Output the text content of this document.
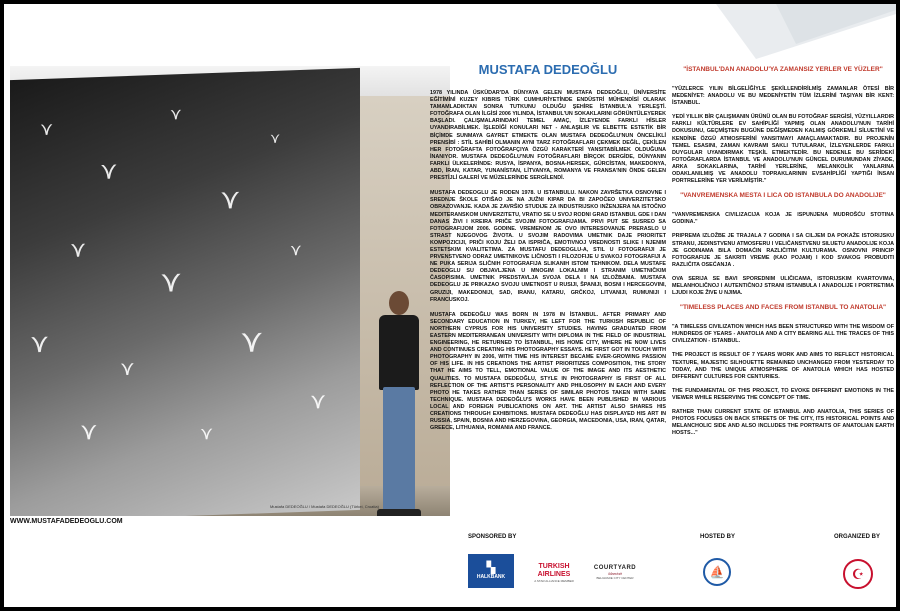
⋎
⋎
⋎
⋎
⋎
⋎
⋎
⋎
⋎
⋎
⋎	⋎
⋎
⋎
Mustafa DEDEOĞLU / Mustafa DEDEOĞLU (Türkei, Croatia)
WWW.MUSTAFADEDEOGLU.COM
MUSTAFA DEDEOĞLU

1978 YILINDA ÜSKÜDAR'DA DÜNYAYA GELEN MUSTAFA DEDEOĞLU, ÜNİVERSİTE EĞİTİMİNİ KUZEY KIBRIS TÜRK CUMHURİYETİNDE ENDÜSTRİ MÜHENDİSİ OLARAK TAMAMLADIKTAN SONRA TUTKUNU OLDUĞU ŞEHİRE İSTANBUL'A YERLEŞTİ. FOTOĞRAFA OLAN İLGİSİ 2006 YILINDA, İSTANBUL'UN SOKAKLARINI GÖRÜNTÜLEYEREK BAŞLADI. ÇALIŞMALARINDAKİ TEMEL AMAÇ, İZLEYENDE FARKLI HİSLER UYANDIRABİLMEK. İŞLEDİĞİ KONULARI NET - ANLAŞILIR VE ELBETTE ESTETİK BİR BİÇİMDE SUNMAYA GAYRET ETMEKTE OLAN MUSTAFA DEDEOĞLU'NUN ÖNCELİKLİ PRENSİBİ : STİL SAHİBİ OLMANIN AYNI TARZ FOTOĞRAFLARI ÇEKMEK DEĞİL, ÇEKİLEN HER FOTOĞRAFTA FOTOĞRAFÇIYA ÖZGÜ KARAKTERİ YANSITABİLMEK OLDUĞUNA İNANIYOR. MUSTAFA DEDEOĞLU'NUN FOTOĞRAFLARI BİRÇOK DERGİDE, DÜNYANIN FARKLI ÜLKELERİNDE: RUSYA, İSPANYA, BOSNA-HERSEK, GÜRCİSTAN, MAKEDONYA, ABD, İRAN, KATAR, YUNANİSTAN, LİTVANYA, ROMANYA VE FRANSA'NIN ÖNDE GELEN PRESTİJLİ GALERİ VE MÜZELERİNDE SERGİLENDİ.

MUSTAFA DEDEOGLU JE RODEN 1978. U ISTANBULU. NAKON ZAVRŠETKA OSNOVNE I SREDNJE ŠKOLE OTIŠAO JE NA JUŽNI KIPAR DA BI ZAPOČEO UNIVERZITETSKO OBRAZOVANJE. KADA JE ZAVRŠIO STUDIJE ZA INDUSTRIJSKO INŽENJERA NA ISTOČNO MEDITERANSKOM UNIVERZITETU, VRATIO SE U SVOJ RODNI GRAD ISTANBUL GDE I DAN DANAS ŽIVI I KREIRA PRIČE SVOJIM FOTOGRAFIJAMA. PRVI PUT SE SUSREO SA FOTOGRAFIJOM 2006. GODINE. VREMENOM JE OVO INTERESOVANJE PRERASLO U STRAST NJEGOVOG ŽIVOTA. U SVOJIM RADOVIMA UMETNIK DAJE PRIORITET KOMPOZICIJI, PRIČI KOJU ŽELI DA ISPRIČA, EMOTIVNOJ VREDNOSTI SLIKE I NJENIM ESTETSKIM KVALITETIMA. ZA MUSTAFU DEDEOGLU-A, STIL U FOTOGRAFIJI JE PRVENSTVENO ODRAZ UMETNIKOVE LIČNOSTI I FILOZOFIJE U SVAKOJ FOTOGRAFIJI A NE PUKA SERIJA SLIČNIH FOTOGRAFIJA SLIKANIH ISTOM TEHNIKOM. DELA MUSTAFE DEDEOGLU SU OBJAVLJENA U MNOGIM LOKALNIM I STRANIM UMETNIČKIM ČASOPISIMA. UMETNIK PREDSTAVLJA SVOJA DELA I NA IZLOŽBAMA. MUSTAFA DEDEOGLU JE PRIKAZAO SVOJU UMETNOST U RUSIJI, ŠPANIJI, BOSNI I HERCEGOVINI, GRUZIJI, MAKEDONIJI, SAD, IRANU, KATARU, GRČKOJ, LITVANIJI, RUMUNIJI I FRANCUSKOJ.

MUSTAFA DEDEOĞLU WAS BORN IN 1978 IN İSTANBUL. AFTER PRIMARY AND SECONDARY EDUCATION IN TURKEY, HE LEFT FOR THE TURKISH REPUBLIC OF NORTHERN CYPRUS FOR HIS UNIVERSITY STUDIES. HAVING GRADUATED FROM EASTERN MEDITERRANEAN UNIVERSITY WITH DIPLOMA IN THE FIELD OF INDUSTRIAL ENGINEERING, HE RETURNED TO İSTANBUL, HIS HOME CITY, WHERE HE NOW LIVES AND CONTINUES CREATING HIS PHOTOGRAPHY ESSAYS. HE FIRST GOT IN TOUCH WITH PHOTOGRAPHY IN 2006, WITH TIME HIS INTEREST BECAME EVER-GROWING PASSION OF HIS LIFE. IN HIS CREATIONS THE ARTIST PRIORITIZES COMPOSITION, THE STORY THAT HE AIMS TO TELL, EMOTIONAL VALUE OF THE IMAGE AND ITS AESTHETIC QUALITIES. TO MUSTAFA DEDEOĞLU, STYLE IN PHOTOGRAPHY IS FIRST OF ALL REFLECTION OF THE ARTIST'S PERSONALITY AND PHILOSOPHY IN EACH AND EVERY PHOTO HE TAKES RATHER THAN SERIES OF SIMILAR PHOTOS TAKEN WITH SAME TECHNIQUE. MUSTAFA DEDEOĞLU'S WORKS HAVE BEEN PUBLISHED IN VARIOUS LOCAL AND FOREIGN PUBLICATIONS ON ART. THE ARTIST ALSO SHARES HIS CREATIONS THROUGH EXHIBITIONS. MUSTAFA DEDEOĞLU HAS DISPLAYED HIS ART IN RUSSIA, SPAIN, BOSNIA AND HERZEGOVINA, GEORGIA, MACEDONIA, USA, IRAN, QATAR, GREECE, LITHUANIA, ROMANIA AND FRANCE.

"İSTANBUL'DAN ANADOLU'YA ZAMANSIZ YERLER VE YÜZLER"

"YÜZLERCE YILIN BİLGELİĞİYLE ŞEKİLLENDİRİLMİŞ ZAMANLAR ÖTESİ BİR MEDENİYET: ANADOLU VE BU MEDENİYETİN TÜM İZLERİNİ TAŞIYAN BİR KENT: İSTANBUL.

YEDİ YILLIK BİR ÇALIŞMANIN ÜRÜNÜ OLAN BU FOTOĞRAF SERGİSİ, YÜZYILLARDIR FARKLI KÜLTÜRLERE EV SAHİPLİĞİ YAPMIŞ OLAN ANADOLU'NUN TARİHİ DOKUSUNU, GEÇMİŞTEN BUGÜNE DEĞİŞMEDEN KALMIŞ GÖRKEMLİ SİLUETİNİ VE KENDİNE ÖZGÜ ATMOSFERİNİ YANSITMAYI AMAÇLAMAKTADIR. BU PROJENİN TEMEL ESASINI, ZAMAN KAVRAMI SAKLI TUTULARAK, İZLEYENLERDE FARKLI DUYGULAR UYANDIRMAK TEŞKİL ETMEKTEDİR. BU NEDENLE BU SERİDEKİ FOTOĞRAFLARDA İSTANBUL VE ANADOLU'NUN GÜNCEL DURUMUNDAN ZİYADE, ARKA SOKAKLARINA, TARİHİ YERLERİNE, MELANKOLİK YANLARINA ODAKLANILMIŞ VE ANADOLU TOPRAKLARININ EVSAHİPLİĞİ YAPTIĞI İNSAN PORTRELERİNE YER VERİLMİŞTİR."

"VANVREMENSKA MESTA I LICA OD ISTANBULA DO ANADOLIJE"

"VANVREMENSKA CIVILIZACIJA KOJA JE ISPUNJENA MUDROŠĆU STOTINA GODINA."

PRIPREMA IZLOŽBE JE TRAJALA 7 GODINA I SA CILJEM DA POKAŽE ISTORIJSKU STRANU, JEDINSTVENU ATMOSFERU I VELIČANSTVENU SILUETU ANADOLIJE KOJA JE GODINAMA BILA DOMAĆIN RAZLIČITIM KULTURAMA. OSNOVNI PRINCIP FOTOGRAFIJE JE SAKRITI VREME (KAO POJAM) I KOD SVAKOG PROBUDITI RAZLIČITA OSEĆANJA .

OVA SERIJA SE BAVI SPOREDNIM ULIČICAMA, ISTORIJSKIM KVARTOVIMA, MELANHOLIČNOJ I AUTENTIČNOJ STRANI ISTANBULA I ANADOLIJE I PORTRETIMA LJUDI KOJE ŽIVE U NJIMA.

"TIMELESS PLACES AND FACES FROM ISTANBUL TO ANATOLIA"

"A TIMELESS CIVILIZATION WHICH HAS BEEN STRUCTURED WITH THE WISDOM OF HUNDREDS OF YEARS - ANATOLIA AND A CITY BEARING ALL THE TRACES OF THIS CIVILIZATION - ISTANBUL.

THE PROJECT IS RESULT OF 7 YEARS WORK AND AIMS TO REFLECT HISTORICAL TEXTURE, MAJESTIC SILHOUETTE REMAINED UNCHANGED FROM YESTERDAY TO TODAY, AND THE UNIQUE ATMOSPHERE OF ANATOLIA WHICH HAS HOSTED DIFFERENT CULTURES FOR CENTURIES.

THE FUNDAMENTAL OF THIS PROJECT, TO EVOKE DIFFERENT EMOTIONS IN THE VIEWER WHILE RESERVING THE CONCEPT OF TIME.

RATHER THAN CURRENT STATE OF ISTANBUL AND ANATOLIA, THIS SERIES OF PHOTOS FOCUSES ON BACK STREETS OF THE CITY, ITS HISTORICAL POINTS AND MELANCHOLIC SIDE AND ALSO INCLUDES THE PORTRAITS OF ANATOLIAN EARTH HOSTS..."

SPONSORED BY	HOSTED BY	ORGANIZED BY
▚
HALKBANK
TURKISH
AIRLINES
A STAR ALLIANCE MEMBER
COURTYARD
Marriott
BELGRADE CITY CENTER	⛵	☪
